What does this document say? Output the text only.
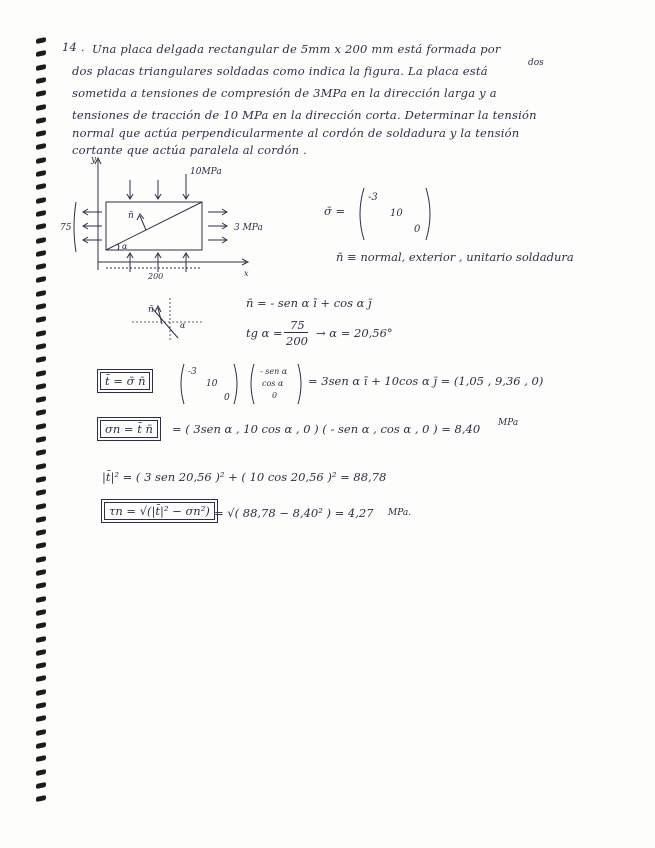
14 . Una placa delgada rectangular de 5mm x 200 mm está formada por
dos
dos placas triangulares soldadas como indica la figura. La placa está
sometida a tensiones de compresión de 3MPa en la dirección larga y a
tensiones de tracción de 10 MPa en la dirección corta. Determinar la tensión
normal que actúa perpendicularmente al cordón de soldadura y la tensión
cortante que actúa paralela al cordón .
y
x
10MPa
3 MPa
75
200
n̄
α
σ̄ =
-3
10
0
n̄ ≡ normal, exterior , unitario soldadura
n̄
α
n̄ = - sen α ī + cos α j̄
tg α =
75
200
→ α = 20,56°
t̄ = σ̄ n̄
-3
10
0
- sen α
cos α
0
= 3sen α ī + 10cos α j̄ = (1,05 , 9,36 , 0)
σn = t̄ n̄	= ( 3sen α , 10 cos α , 0 ) ( - sen α , cos α , 0 ) = 8,40 MPa
|t̄|² = ( 3 sen 20,56 )² + ( 10 cos 20,56 )² = 88,78
τn = √(|t̄|² − σn²) = √( 88,78 − 8,40² ) = 4,27 MPa.
